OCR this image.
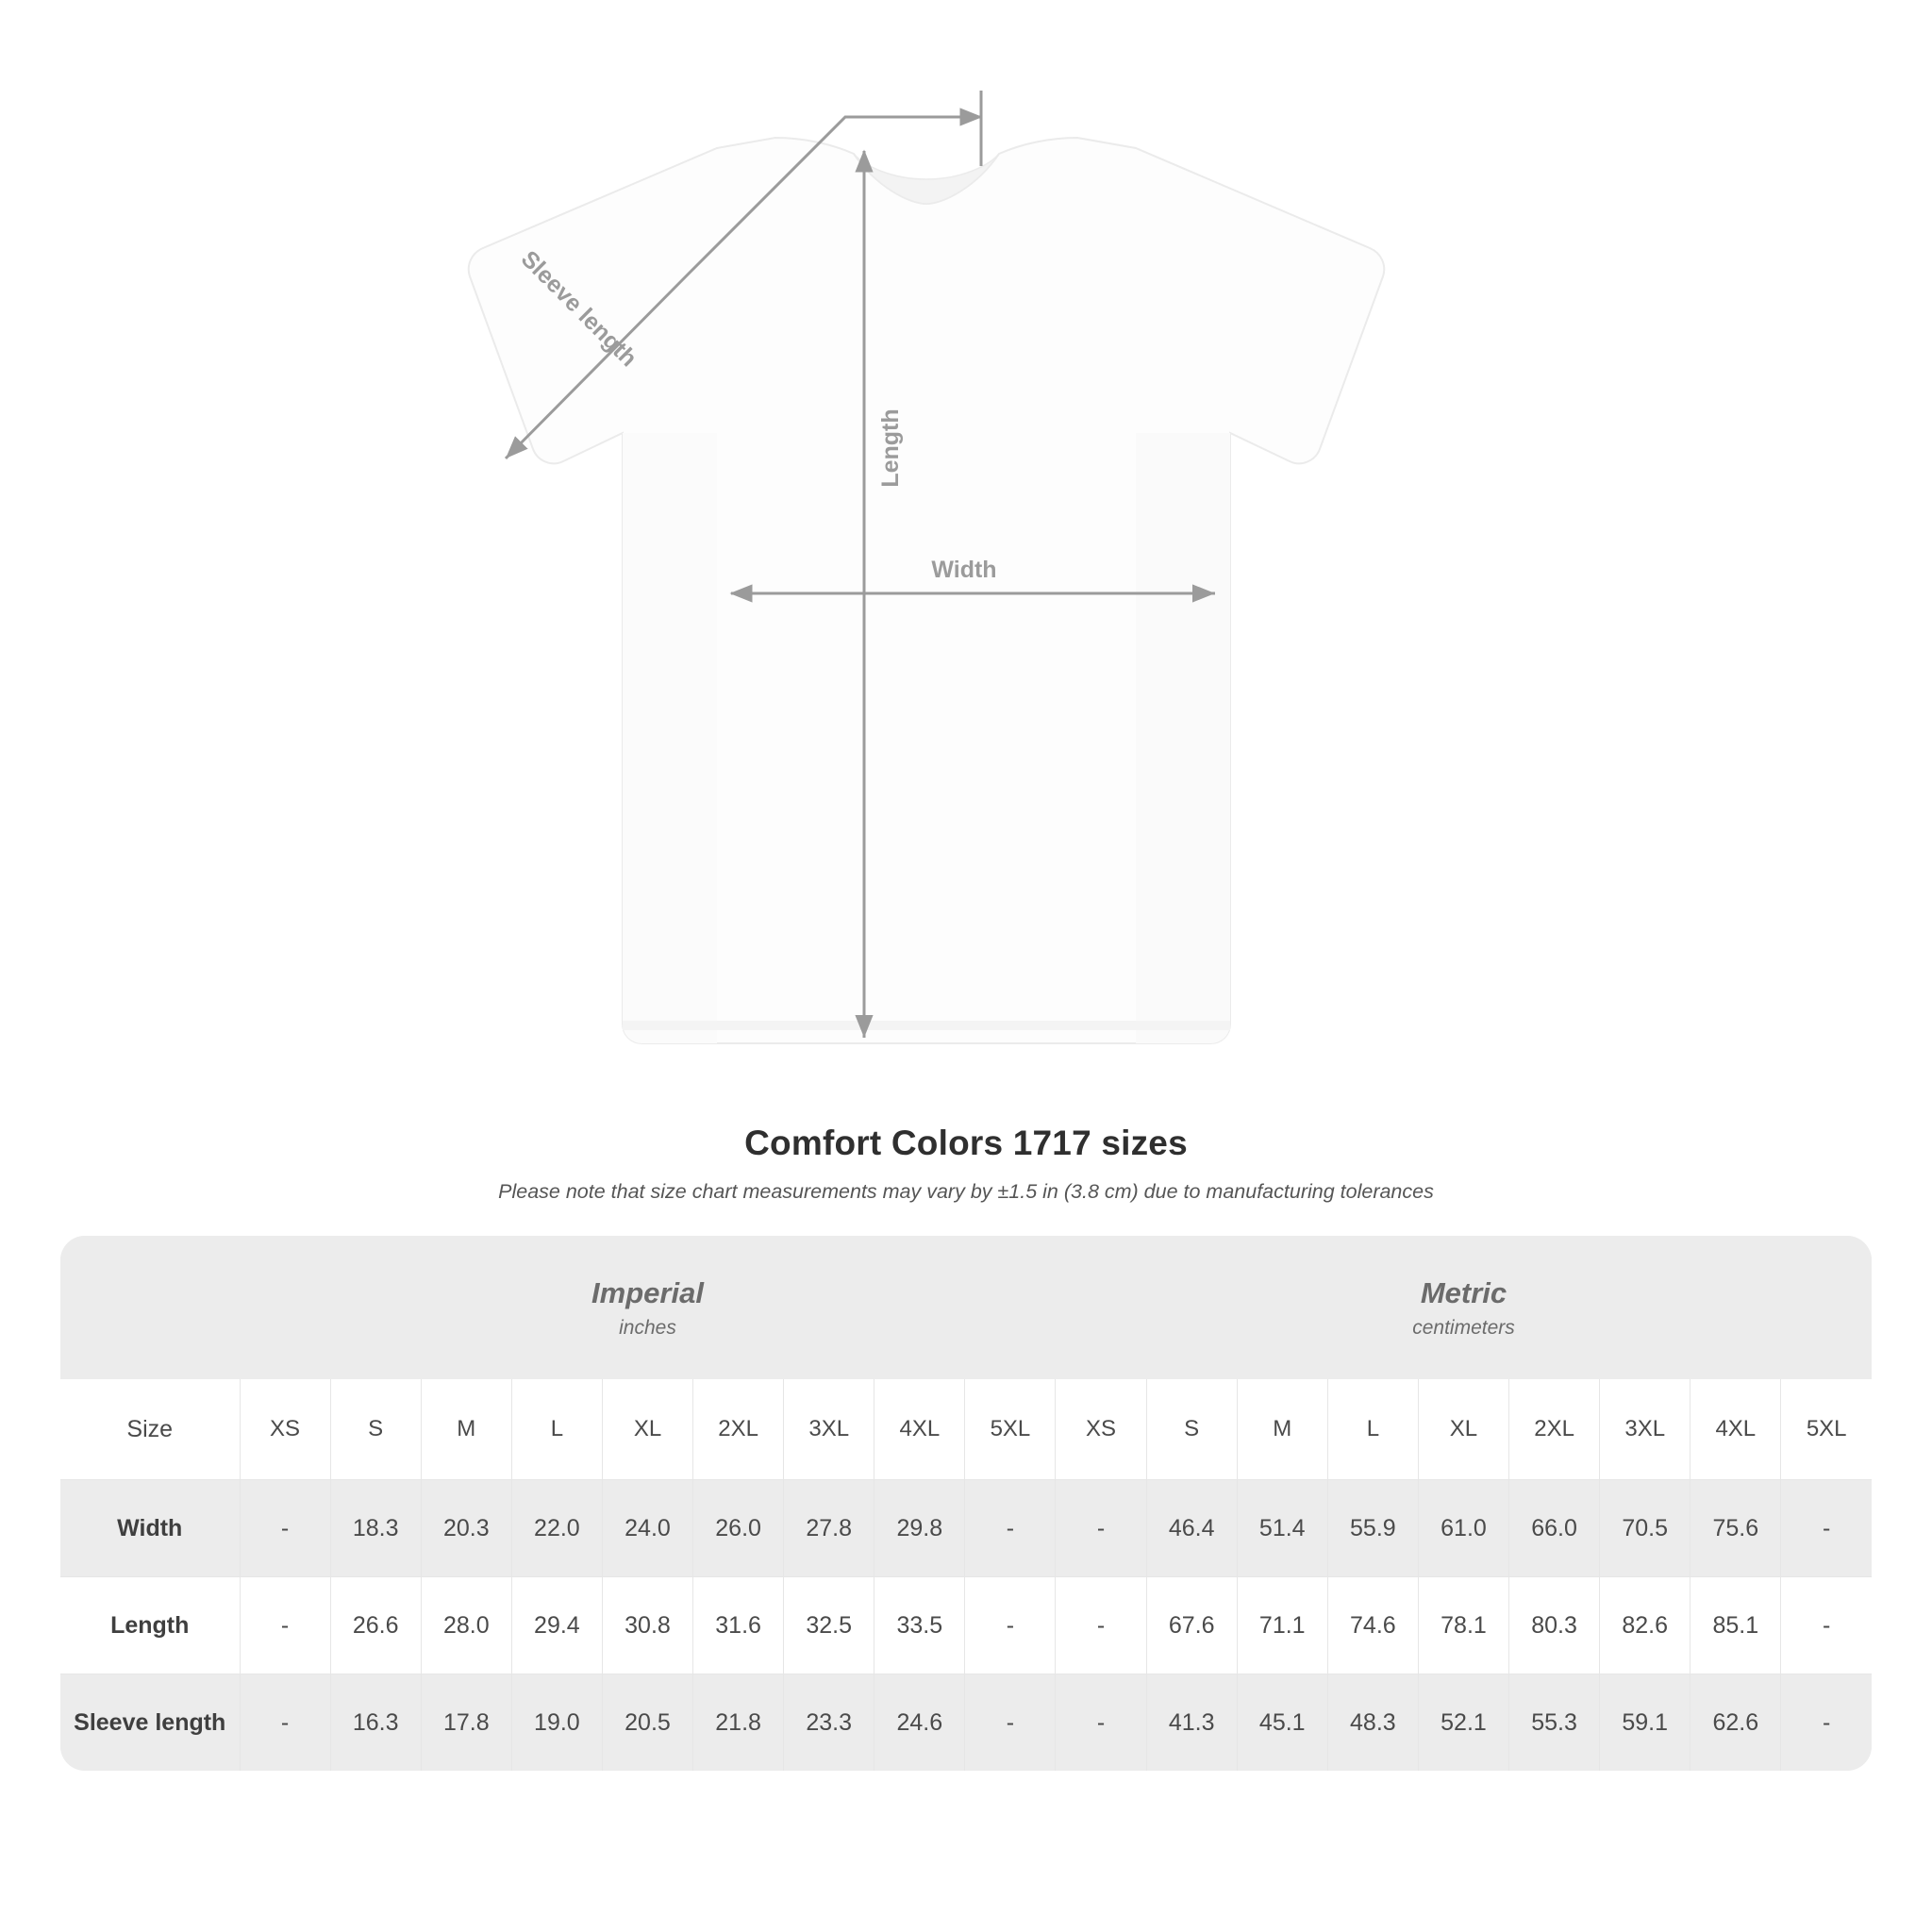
Length
Width
Sleeve length
Comfort Colors 1717 sizes
Please note that size chart measurements may vary by ±1.5 in (3.8 cm) due to manufacturing tolerances

Imperial
inches

Metric
centimeters

Size	XS	S	M	L	XL	2XL	3XL	4XL	5XL	XS	S	M	L	XL	2XL	3XL	4XL	5XL
Width	-	18.3	20.3	22.0	24.0	26.0	27.8	29.8	-	-	46.4	51.4	55.9	61.0	66.0	70.5	75.6	-
Length	-	26.6	28.0	29.4	30.8	31.6	32.5	33.5	-	-	67.6	71.1	74.6	78.1	80.3	82.6	85.1	-
Sleeve length	-	16.3	17.8	19.0	20.5	21.8	23.3	24.6	-	-	41.3	45.1	48.3	52.1	55.3	59.1	62.6	-
